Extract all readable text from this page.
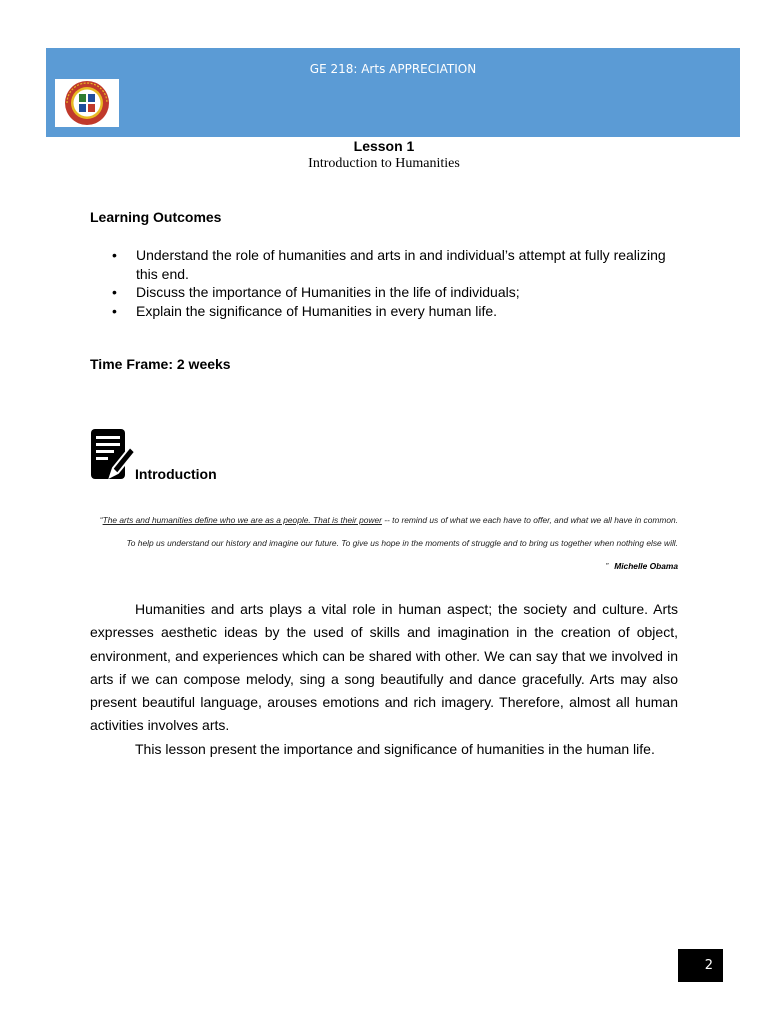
GE 218: Arts APPRECIATION
Lesson 1
Introduction to Humanities
Learning Outcomes
• Understand the role of humanities and arts in and individual’s attempt at fully realizing this end.
• Discuss the importance of Humanities in the life of individuals;
• Explain the significance of Humanities in every human life.
Time Frame: 2 weeks
Introduction
“The arts and humanities define who we are as a people. That is their power -- to remind us of what we each have to offer, and what we all have in common. To help us understand our history and imagine our future. To give us hope in the moments of struggle and to bring us together when nothing else will. ” Michelle Obama

Humanities and arts plays a vital role in human aspect; the society and culture. Arts expresses aesthetic ideas by the used of skills and imagination in the creation of object, environment, and experiences which can be shared with other. We can say that we involved in arts if we can compose melody, sing a song beautifully and dance gracefully. Arts may also present beautiful language, arouses emotions and rich imagery. Therefore, almost all human activities involves arts.

This lesson present the importance and significance of humanities in the human life.

2
